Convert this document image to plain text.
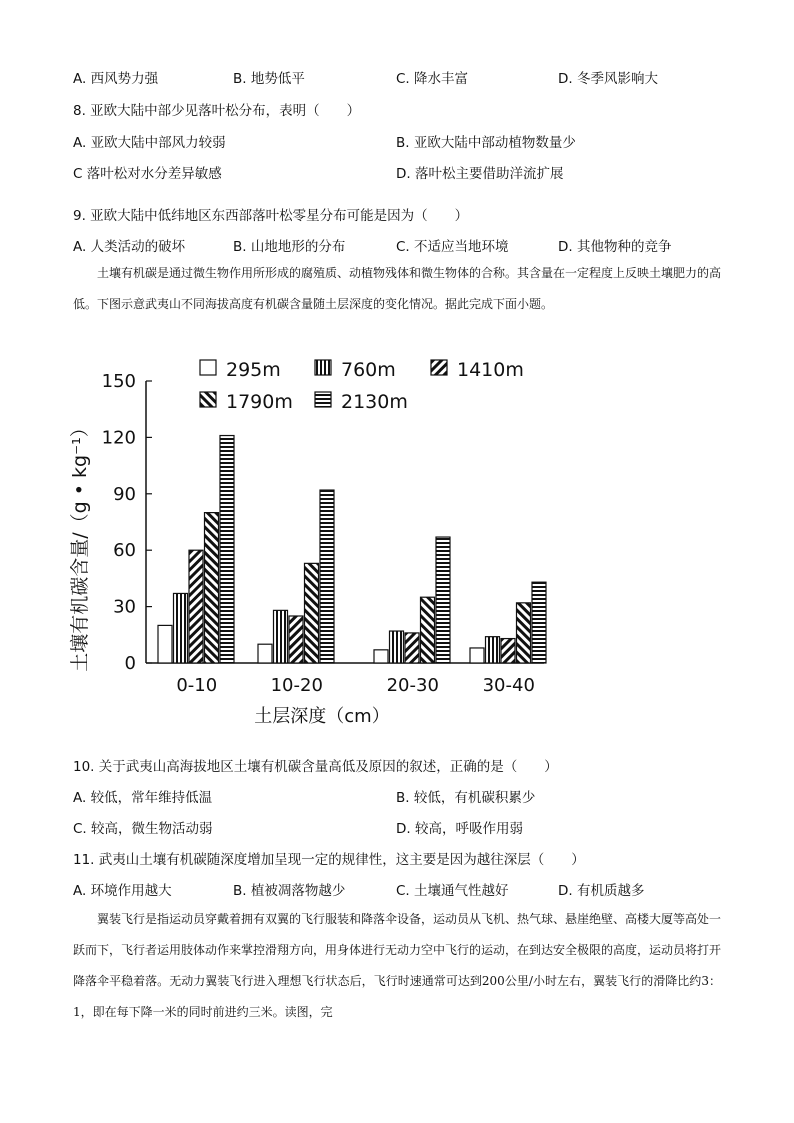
A. 西风势力强	B. 地势低平	C. 降水丰富	D. 冬季风影响大
8. 亚欧大陆中部少见落叶松分布，表明（　　）
A. 亚欧大陆中部风力较弱	B. 亚欧大陆中部动植物数量少
C 落叶松对水分差异敏感	D. 落叶松主要借助洋流扩展
9. 亚欧大陆中低纬地区东西部落叶松零星分布可能是因为（　　）
A. 人类活动的破坏	B. 山地地形的分布	C. 不适应当地环境	D. 其他物种的竞争
土壤有机碳是通过微生物作用所形成的腐殖质、动植物残体和微生物体的合称。其含量在一定程度上反映土壤肥力的高低。下图示意武夷山不同海拔高度有机碳含量随土层深度的变化情况。据此完成下面小题。
0
30
60
90
120
150
0-10	10-20	20-30 30-40
295m	760m	1410m
1790m	2130m
土壤有机碳含量/（g • kg⁻¹）
土层深度（cm）
10. 关于武夷山高海拔地区土壤有机碳含量高低及原因的叙述，正确的是（　　）
A. 较低，常年维持低温	B. 较低，有机碳积累少
C. 较高，微生物活动弱	D. 较高，呼吸作用弱
11. 武夷山土壤有机碳随深度增加呈现一定的规律性，这主要是因为越往深层（　　）
A. 环境作用越大	B. 植被凋落物越少	C. 土壤通气性越好	D. 有机质越多
翼装飞行是指运动员穿戴着拥有双翼的飞行服装和降落伞设备，运动员从飞机、热气球、悬崖绝壁、高楼大厦等高处一跃而下，飞行者运用肢体动作来掌控滑翔方向，用身体进行无动力空中飞行的运动，在到达安全极限的高度，运动员将打开降落伞平稳着落。无动力翼装飞行进入理想飞行状态后，飞行时速通常可达到200公里/小时左右，翼装飞行的滑降比约3：1，即在每下降一米的同时前进约三米。读图，完
